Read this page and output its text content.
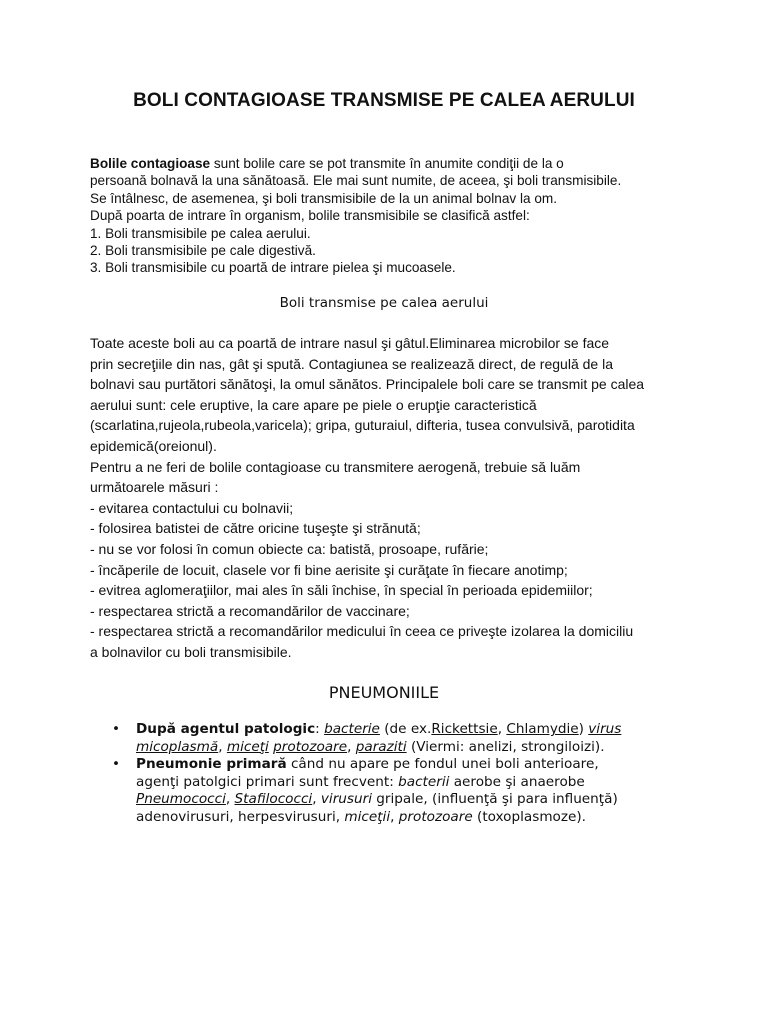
BOLI CONTAGIOASE TRANSMISE PE CALEA AERULUI
Bolile contagioase sunt bolile care se pot transmite în anumite condiţii de la o
persoană bolnavă la una sănătoasă. Ele mai sunt numite, de aceea, şi boli transmisibile.
Se întâlnesc, de asemenea, şi boli transmisibile de la un animal bolnav la om.
După poarta de intrare în organism, bolile transmisibile se clasifică astfel:
1. Boli transmisibile pe calea aerului.
2. Boli transmisibile pe cale digestivă.
3. Boli transmisibile cu poartă de intrare pielea şi mucoasele.
Boli transmise pe calea aerului
Toate aceste boli au ca poartă de intrare nasul şi gâtul.Eliminarea microbilor se face
prin secreţiile din nas, gât şi spută. Contagiunea se realizează direct, de regulă de la
bolnavi sau purtători sănătoşi, la omul sănătos. Principalele boli care se transmit pe calea
aerului sunt: cele eruptive, la care apare pe piele o erupţie caracteristică
(scarlatina,rujeola,rubeola,varicela); gripa, guturaiul, difteria, tusea convulsivă, parotidita
epidemică(oreionul).
Pentru a ne feri de bolile contagioase cu transmitere aerogenă, trebuie să luăm
următoarele măsuri :
- evitarea contactului cu bolnavii;
- folosirea batistei de către oricine tuşeşte şi strănută;
- nu se vor folosi în comun obiecte ca: batistă, prosoape, rufărie;
- încăperile de locuit, clasele vor fi bine aerisite şi curăţate în fiecare anotimp;
- evitrea aglomeraţiilor, mai ales în săli închise, în special în perioada epidemiilor;
- respectarea strictă a recomandărilor de vaccinare;
- respectarea strictă a recomandărilor medicului în ceea ce priveşte izolarea la domiciliu
a bolnavilor cu boli transmisibile.
PNEUMONIILE
• După agentul patologic: bacterie (de ex.Rickettsie, Chlamydie) virus
micoplasmă, miceţi protozoare, paraziti (Viermi: anelizi, strongiloizi).
• Pneumonie primară când nu apare pe fondul unei boli anterioare,
agenţi patolgici primari sunt frecvent: bacterii aerobe şi anaerobe
Pneumococci, Stafilococci, virusuri gripale, (influenţă şi para influenţă)
adenovirusuri, herpesvirusuri, miceţii, protozoare (toxoplasmoze).
